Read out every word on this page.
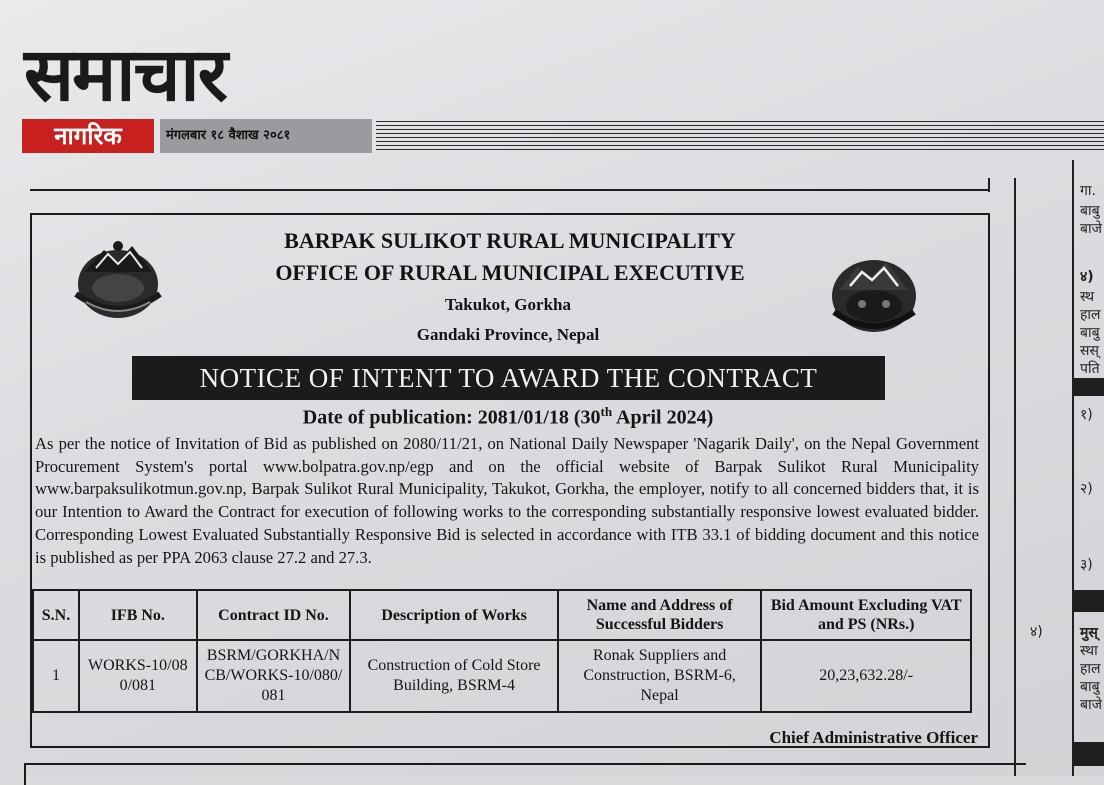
समाचार
नागरिक	मंगलबार १८ वैशाख २०८१
गा.
बाबु
बाजे
४)
स्थ
हाल
बाबु
सस्
पति
१)
२)
३)
मुस्
स्था
हाल
बाबु
बाजे
४)
BARPAK SULIKOT RURAL MUNICIPALITY
OFFICE OF RURAL MUNICIPAL EXECUTIVE
Takukot, Gorkha
Gandaki Province, Nepal
NOTICE OF INTENT TO AWARD THE CONTRACT
Date of publication: 2081/01/18 (30th April 2024)
As per the notice of Invitation of Bid as published on 2080/11/21, on National Daily Newspaper 'Nagarik Daily', on the Nepal Government Procurement System's portal www.bolpatra.gov.np/egp and on the official website of Barpak Sulikot Rural Municipality www.barpaksulikotmun.gov.np, Barpak Sulikot Rural Municipality, Takukot, Gorkha, the employer, notify to all concerned bidders that, it is our Intention to Award the Contract for execution of following works to the corresponding substantially responsive lowest evaluated bidder. Corresponding Lowest Evaluated Substantially Responsive Bid is selected in accordance with ITB 33.1 of bidding document and this notice is published as per PPA 2063 clause 27.2 and 27.3.
S.N.	IFB No.	Contract ID No.	Description of Works	Name and Address of Successful Bidders	Bid Amount Excluding VAT and PS (NRs.)
1	WORKS-10/080/081	BSRM/GORKHA/NCB/WORKS-10/080/081	Construction of Cold Store Building, BSRM-4	Ronak Suppliers and Construction, BSRM-6, Nepal	20,23,632.28/-
Chief Administrative Officer
